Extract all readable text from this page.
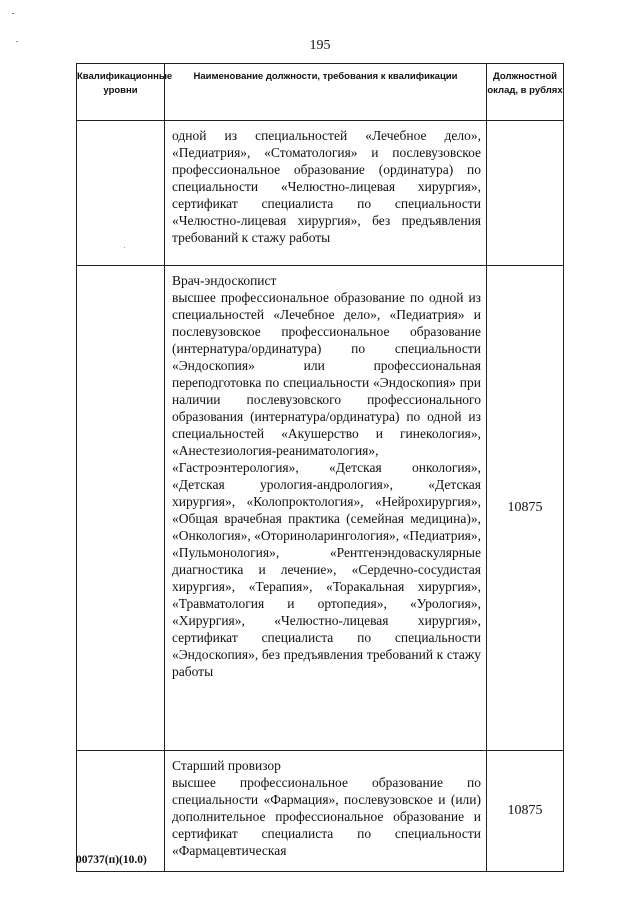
195
Квалификационные уровни	Наименование должности, требования к квалификации	Должностной оклад, в рублях

	одной из специальностей «Лечебное дело», «Педиатрия», «Стоматология» и послевузовское профессиональное образование (ординатура) по специальности «Челюстно-лицевая хирургия», сертификат специалиста по специальности «Челюстно-лицевая хирургия», без предъявления требований к стажу работы	

	Врач-эндоскопист
высшее профессиональное образование по одной из специальностей «Лечебное дело», «Педиатрия» и послевузовское профессиональное образование (интернатура/ординатура) по специальности «Эндоскопия» или профессиональная переподготовка по специальности «Эндоскопия» при наличии послевузовского профессионального образования (интернатура/ординатура) по одной из специальностей «Акушерство и гинекология», «Анестезиология-реаниматология», «Гастроэнтерология», «Детская онкология», «Детская урология-андрология», «Детская хирургия», «Колопроктология», «Нейрохирургия», «Общая врачебная практика (семейная медицина)», «Онкология», «Оториноларингология», «Педиатрия», «Пульмонология», «Рентгенэндоваскулярные диагностика и лечение», «Сердечно-сосудистая хирургия», «Терапия», «Торакальная хирургия», «Травматология и ортопедия», «Урология», «Хирургия», «Челюстно-лицевая хирургия», сертификат специалиста по специальности «Эндоскопия», без предъявления требований к стажу работы	10875

	Старший провизор
высшее профессиональное образование по специальности «Фармация», послевузовское и (или) дополнительное профессиональное образование и сертификат специалиста по специальности «Фармацевтическая	10875
00737(п)(10.0)
